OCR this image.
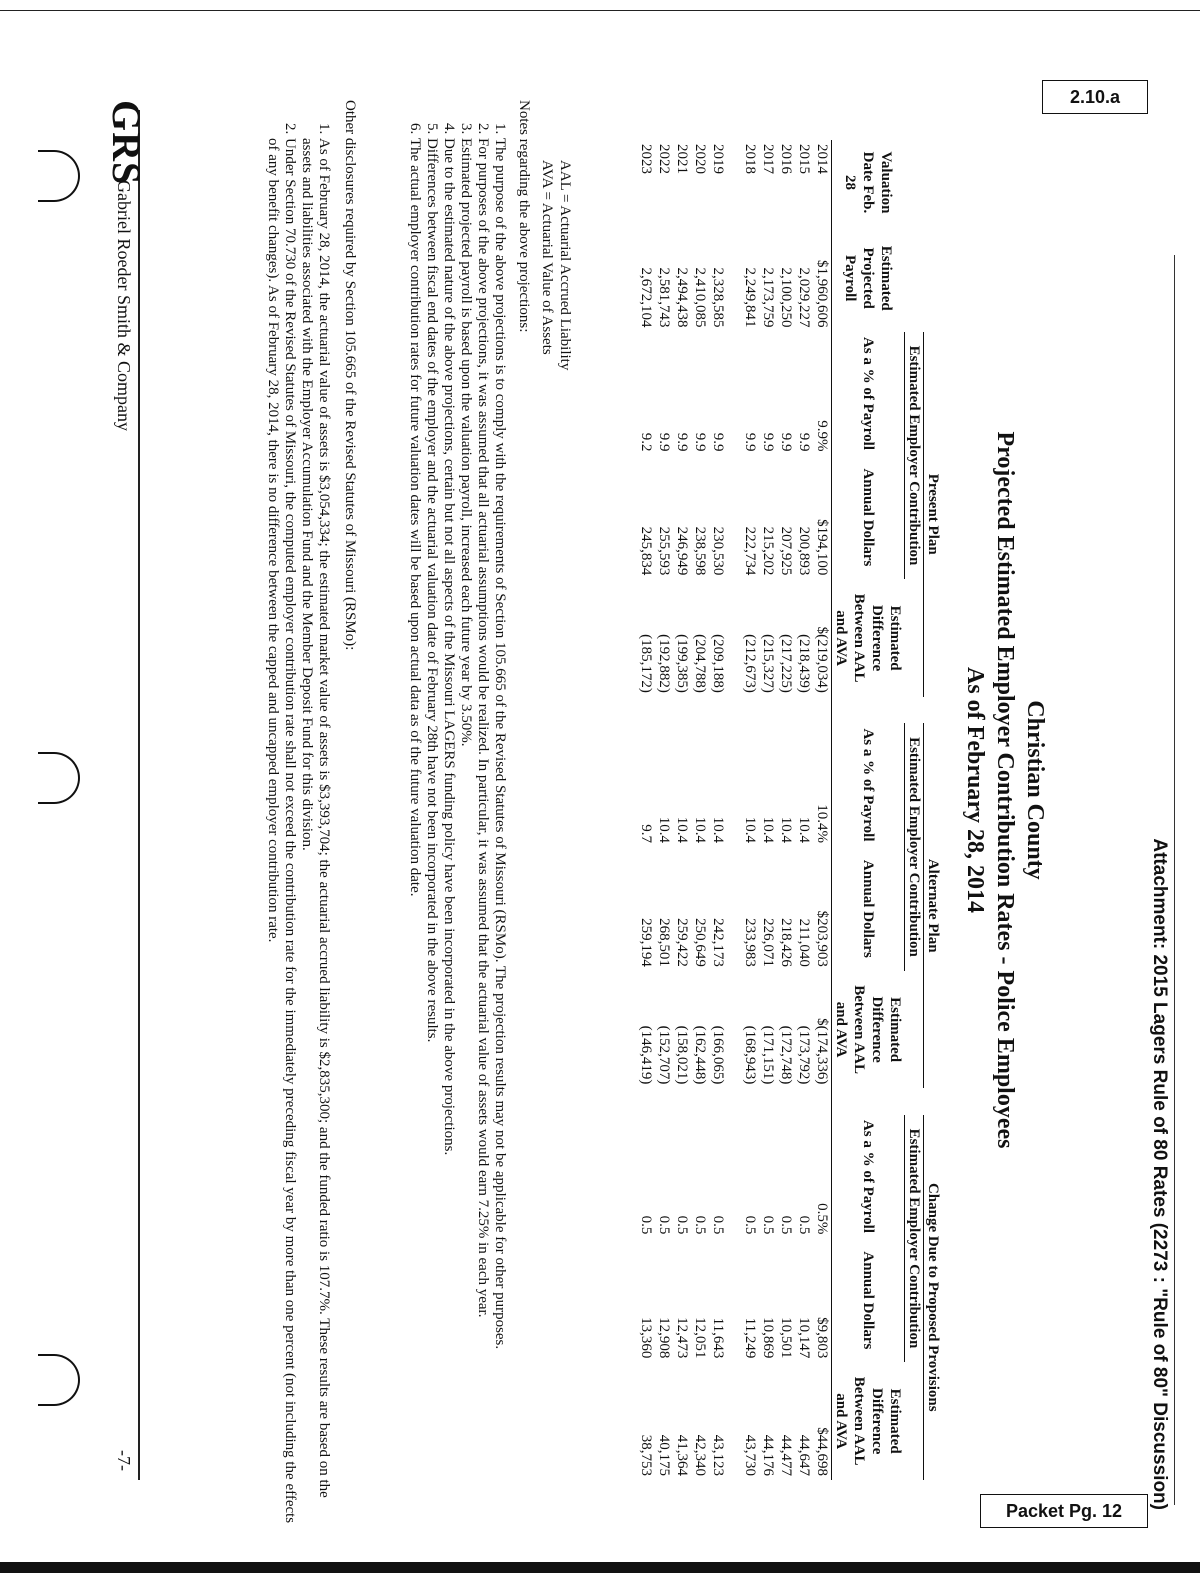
2.10.a
Packet Pg. 12
Attachment: 2015 Lagers Rule of 80 Rates (2273 : "Rule of 80" Discussion)
Christian County
Projected Estimated Employer Contribution Rates - Police Employees
As of February 28, 2014
		Present Plan				Alternate Plan				Change Due to Proposed Provisions		
		Estimated Employer Contribution				Estimated Employer Contribution				Estimated Employer Contribution		
Valuation Date Feb. 28	Estimated Projected Payroll	As a % of Payroll	Annual Dollars	Estimated Difference Between AAL and AVA		As a % of Payroll	Annual Dollars	Estimated Difference Between AAL and AVA		As a % of Payroll	Annual Dollars	Estimated Difference Between AAL and AVA
2014	$1,960,606	9.9%	$194,100	$(219,034)		10.4%	$203,903	$(174,336)		0.5%	$9,803	$44,698
2015	2,029,227	9.9	200,893	(218,439)		10.4	211,040	(173,792)		0.5	10,147	44,647
2016	2,100,250	9.9	207,925	(217,225)		10.4	218,426	(172,748)		0.5	10,501	44,477
2017	2,173,759	9.9	215,202	(215,327)		10.4	226,071	(171,151)		0.5	10,869	44,176
2018	2,249,841	9.9	222,734	(212,673)		10.4	233,983	(168,943)		0.5	11,249	43,730

2019	2,328,585	9.9	230,530	(209,188)		10.4	242,173	(166,065)		0.5	11,643	43,123
2020	2,410,085	9.9	238,598	(204,788)		10.4	250,649	(162,448)		0.5	12,051	42,340
2021	2,494,438	9.9	246,949	(199,385)		10.4	259,422	(158,021)		0.5	12,473	41,364
2022	2,581,743	9.9	255,593	(192,882)		10.4	268,501	(152,707)		0.5	12,908	40,175
2023	2,672,104	9.2	245,834	(185,172)		9.7	259,194	(146,419)		0.5	13,360	38,753
AAL = Actuarial Accrued Liability
AVA = Actuarial Value of Assets
Notes regarding the above projections:
1. The purpose of the above projections is to comply with the requirements of Section 105.665 of the Revised Statutes of Missouri (RSMo). The projection results may not be applicable for other purposes.
2. For purposes of the above projections, it was assumed that all actuarial assumptions would be realized. In particular, it was assumed that the actuarial value of assets would earn 7.25% in each year.
3. Estimated projected payroll is based upon the valuation payroll, increased each future year by 3.50%.
4. Due to the estimated nature of the above projections, certain but not all aspects of the Missouri LAGERS funding policy have been incorporated in the above projections.
5. Differences between fiscal end dates of the employer and the actuarial valuation date of February 28th have not been incorporated in the above results.
6. The actual employer contribution rates for future valuation dates will be based upon actual data as of the future valuation date.
Other disclosures required by Section 105.665 of the Revised Statutes of Missouri (RSMo):
1. As of February 28, 2014, the actuarial value of assets is $3,054,334; the estimated market value of assets is $3,393,704; the actuarial accrued liability is $2,835,300; and the funded ratio is 107.7%. These results are based on the assets and liabilities associated with the Employer Accumulation Fund and the Member Deposit Fund for this division.
2. Under Section 70.730 of the Revised Statutes of Missouri, the computed employer contribution rate shall not exceed the contribution rate for the immediately preceding fiscal year by more than one percent (not including the effects of any benefit changes). As of February 28, 2014, there is no difference between the capped and uncapped employer contribution rate.
GRS
Gabriel Roeder Smith & Company
-7-
